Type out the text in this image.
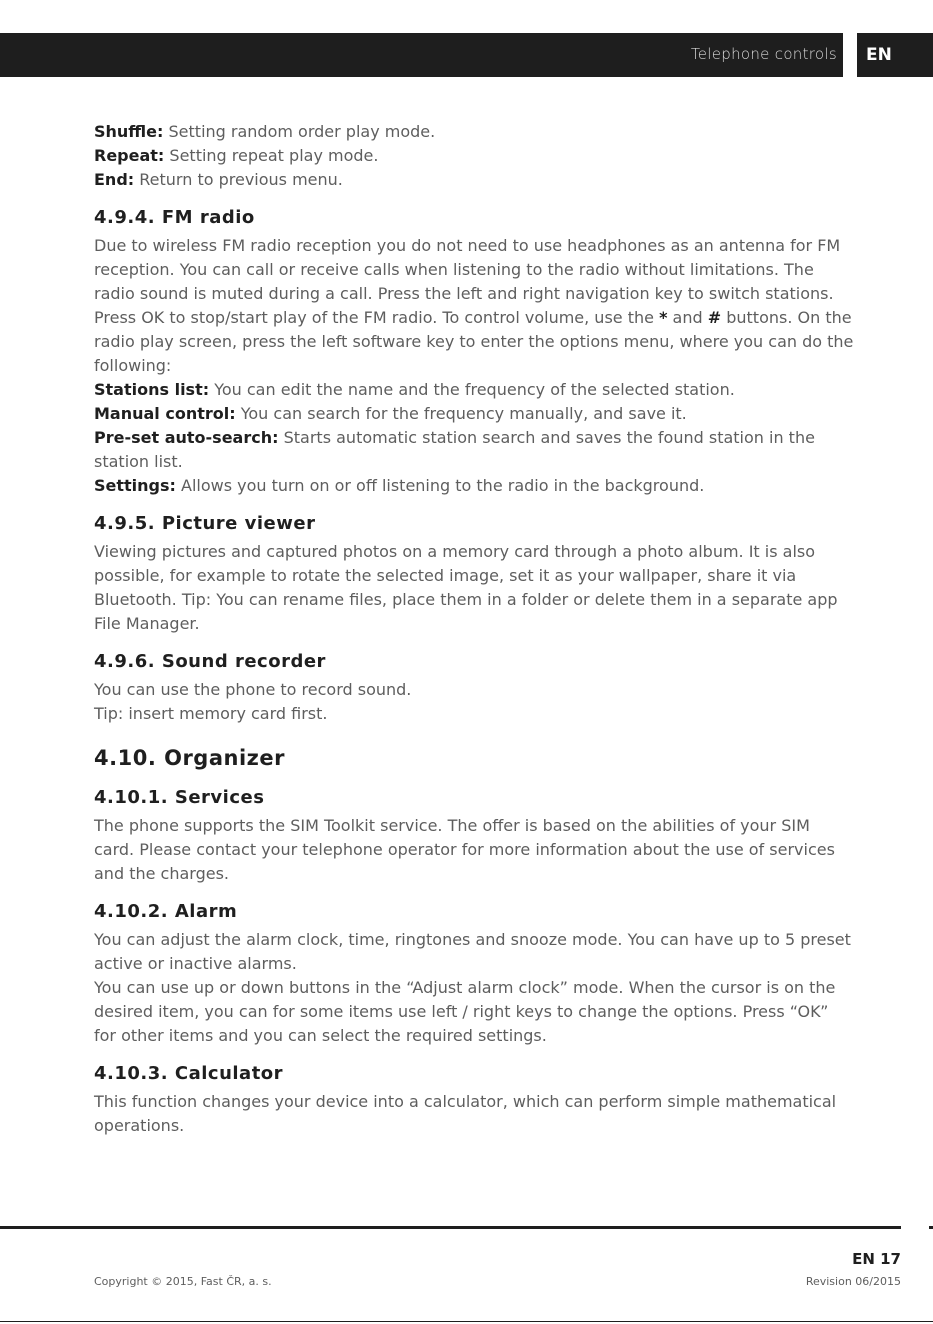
Telephone controls EN

Shuffle: Setting random order play mode.

Repeat: Setting repeat play mode.

End: Return to previous menu.

4.9.4. FM radio

Due to wireless FM radio reception you do not need to use headphones as an antenna for FM reception. You can call or receive calls when listening to the radio without limitations. The radio sound is muted during a call. Press the left and right navigation key to switch stations. Press OK to stop/start play of the FM radio. To control volume, use the * and # buttons. On the radio play screen, press the left software key to enter the options menu, where you can do the following:

Stations list: You can edit the name and the frequency of the selected station.

Manual control: You can search for the frequency manually, and save it.

Pre-set auto-search: Starts automatic station search and saves the found station in the station list.

Settings: Allows you turn on or off listening to the radio in the background.

4.9.5. Picture viewer

Viewing pictures and captured photos on a memory card through a photo album. It is also possible, for example to rotate the selected image, set it as your wallpaper, share it via Bluetooth. Tip: You can rename files, place them in a folder or delete them in a separate app File Manager.

4.9.6. Sound recorder

You can use the phone to record sound.

Tip: insert memory card first.

4.10. Organizer
4.10.1. Services

The phone supports the SIM Toolkit service. The offer is based on the abilities of your SIM card. Please contact your telephone operator for more information about the use of services and the charges.

4.10.2. Alarm

You can adjust the alarm clock, time, ringtones and snooze mode. You can have up to 5 preset active or inactive alarms.

You can use up or down buttons in the “Adjust alarm clock” mode. When the cursor is on the desired item, you can for some items use left / right keys to change the options. Press “OK” for other items and you can select the required settings.

4.10.3. Calculator

This function changes your device into a calculator, which can perform simple mathematical operations.

EN 17
Copyright © 2015, Fast ČR, a. s.	Revision 06/2015
